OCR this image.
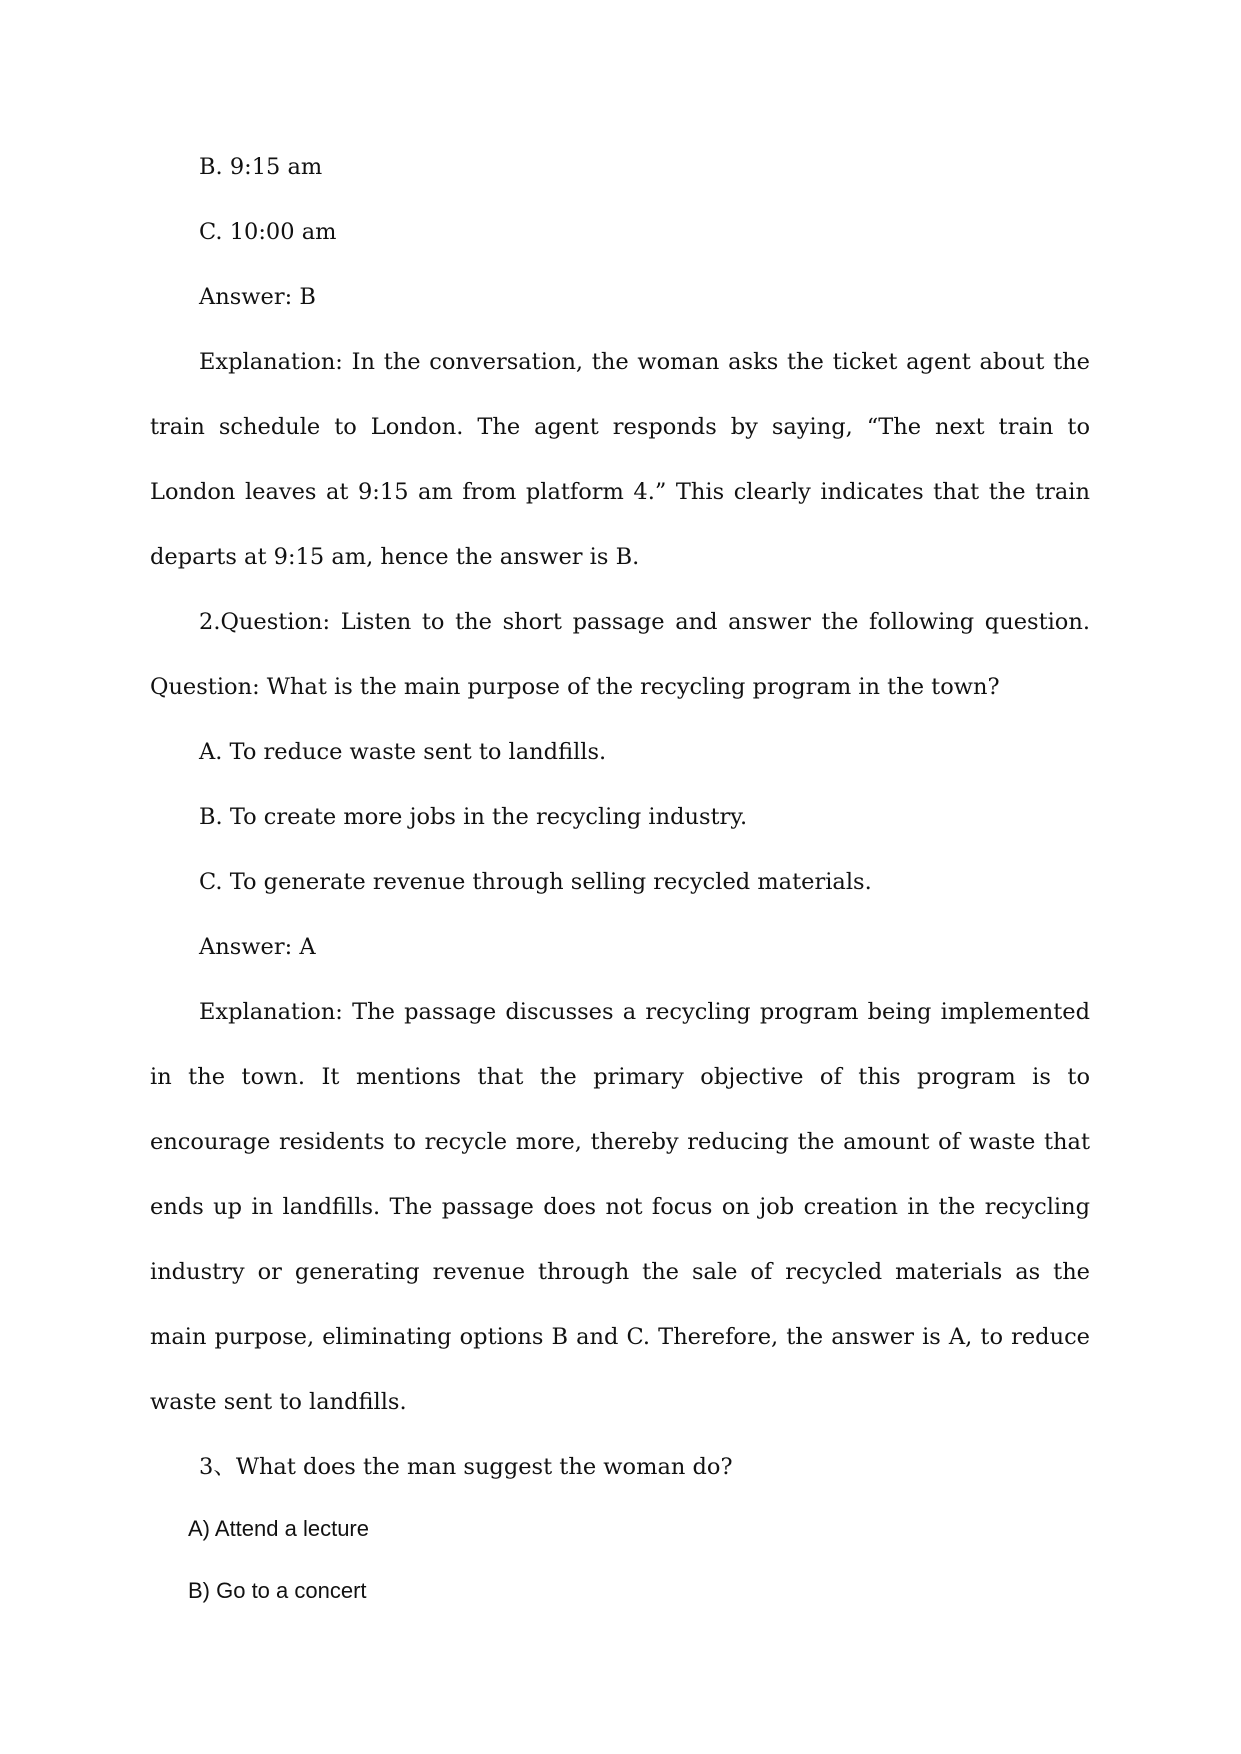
B. 9:15 am

C. 10:00 am

Answer: B

Explanation: In the conversation, the woman asks the ticket agent about the

train schedule to London. The agent responds by saying, “The next train to

London leaves at 9:15 am from platform 4.” This clearly indicates that the train

departs at 9:15 am, hence the answer is B.

2.Question: Listen to the short passage and answer the following question.

Question: What is the main purpose of the recycling program in the town?

A. To reduce waste sent to landfills.

B. To create more jobs in the recycling industry.

C. To generate revenue through selling recycled materials.

Answer: A

Explanation: The passage discusses a recycling program being implemented

in the town. It mentions that the primary objective of this program is to

encourage residents to recycle more, thereby reducing the amount of waste that

ends up in landfills. The passage does not focus on job creation in the recycling

industry or generating revenue through the sale of recycled materials as the

main purpose, eliminating options B and C. Therefore, the answer is A, to reduce

waste sent to landfills.

3、What does the man suggest the woman do?

A) Attend a lecture

B) Go to a concert
